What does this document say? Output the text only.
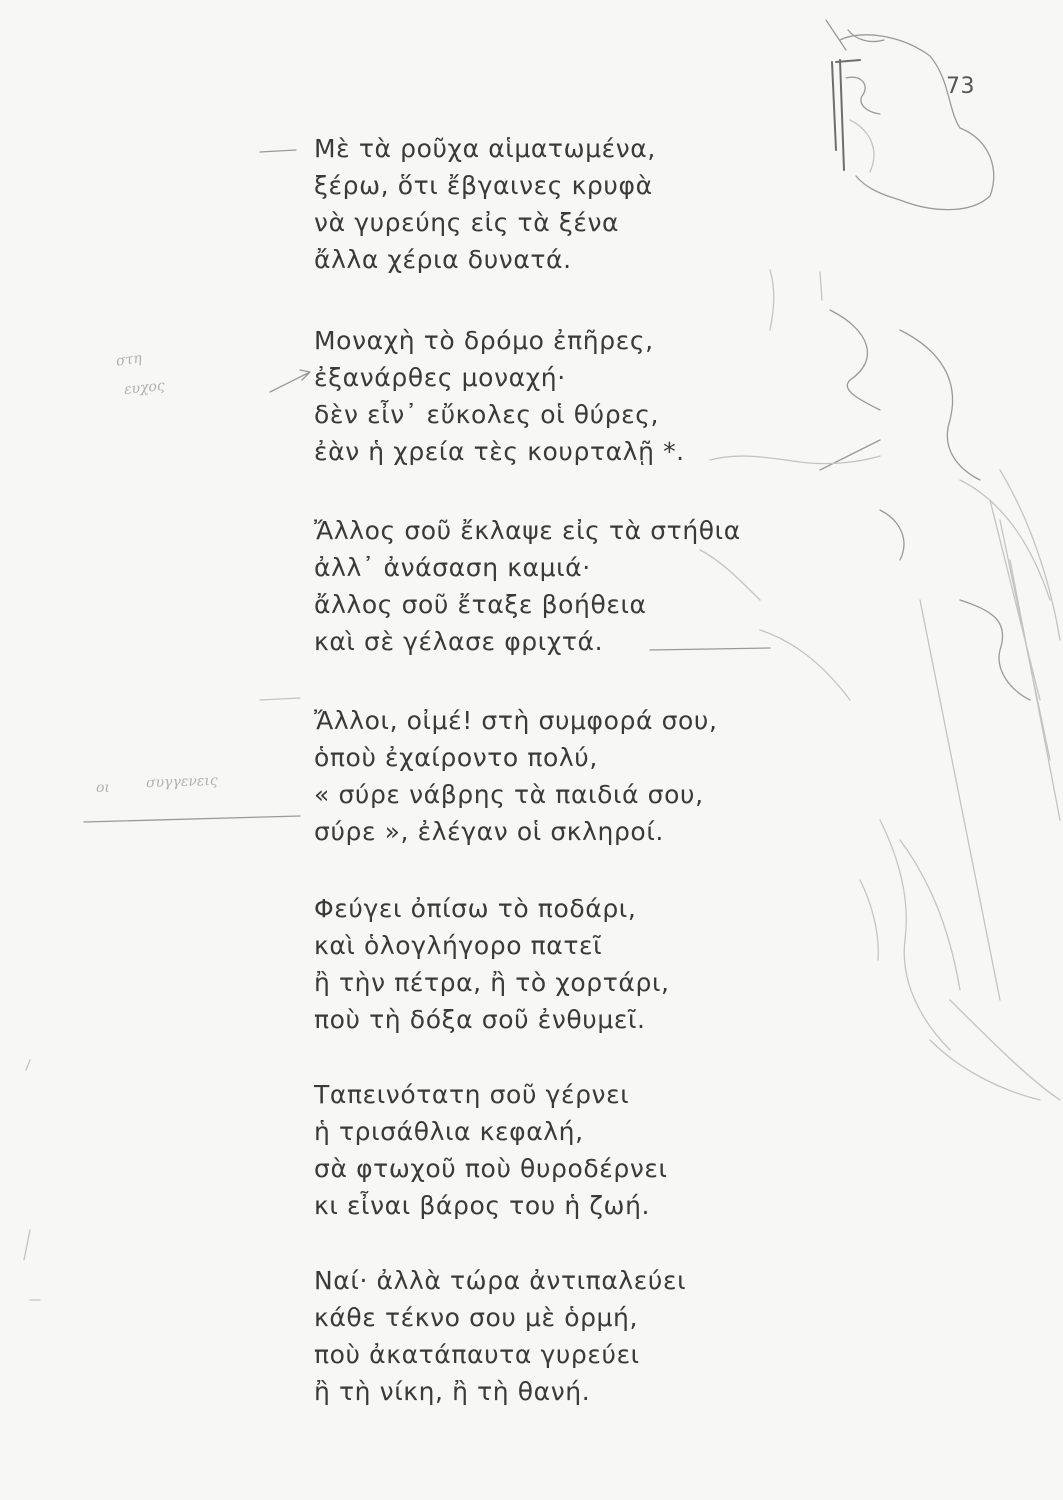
στη
ευχος
οι	συγγενεις
73
Μὲ τὰ ροῦχα αἱματωμένα,
ξέρω, ὅτι ἔβγαινες κρυφὰ
νὰ γυρεύης εἰς τὰ ξένα
ἄλλα χέρια δυνατά.
Μοναχὴ τὸ δρόμο ἐπῆρες,
ἐξανάρθες μοναχή·
δὲν εἶν᾽ εὔκολες οἱ θύρες,
ἐὰν ἡ χρεία τὲς κουρταλῇ *.
Ἄλλος σοῦ ἔκλαψε εἰς τὰ στήθια
ἀλλ᾽ ἀνάσαση καμιά·
ἄλλος σοῦ ἔταξε βοήθεια
καὶ σὲ γέλασε φριχτά.
Ἄλλοι, οἰμέ! στὴ συμφορά σου,
ὁποὺ ἐχαίροντο πολύ,
« σύρε νάβρης τὰ παιδιά σου,
σύρε », ἐλέγαν οἱ σκληροί.
Φεύγει ὀπίσω τὸ ποδάρι,
καὶ ὁλογλήγορο πατεῖ
ἢ τὴν πέτρα, ἢ τὸ χορτάρι,
ποὺ τὴ δόξα σοῦ ἐνθυμεῖ.
Ταπεινότατη σοῦ γέρνει
ἡ τρισάθλια κεφαλή,
σὰ φτωχοῦ ποὺ θυροδέρνει
κι εἶναι βάρος του ἡ ζωή.
Ναί· ἀλλὰ τώρα ἀντιπαλεύει
κάθε τέκνο σου μὲ ὁρμή,
ποὺ ἀκατάπαυτα γυρεύει
ἢ τὴ νίκη, ἢ τὴ θανή.
